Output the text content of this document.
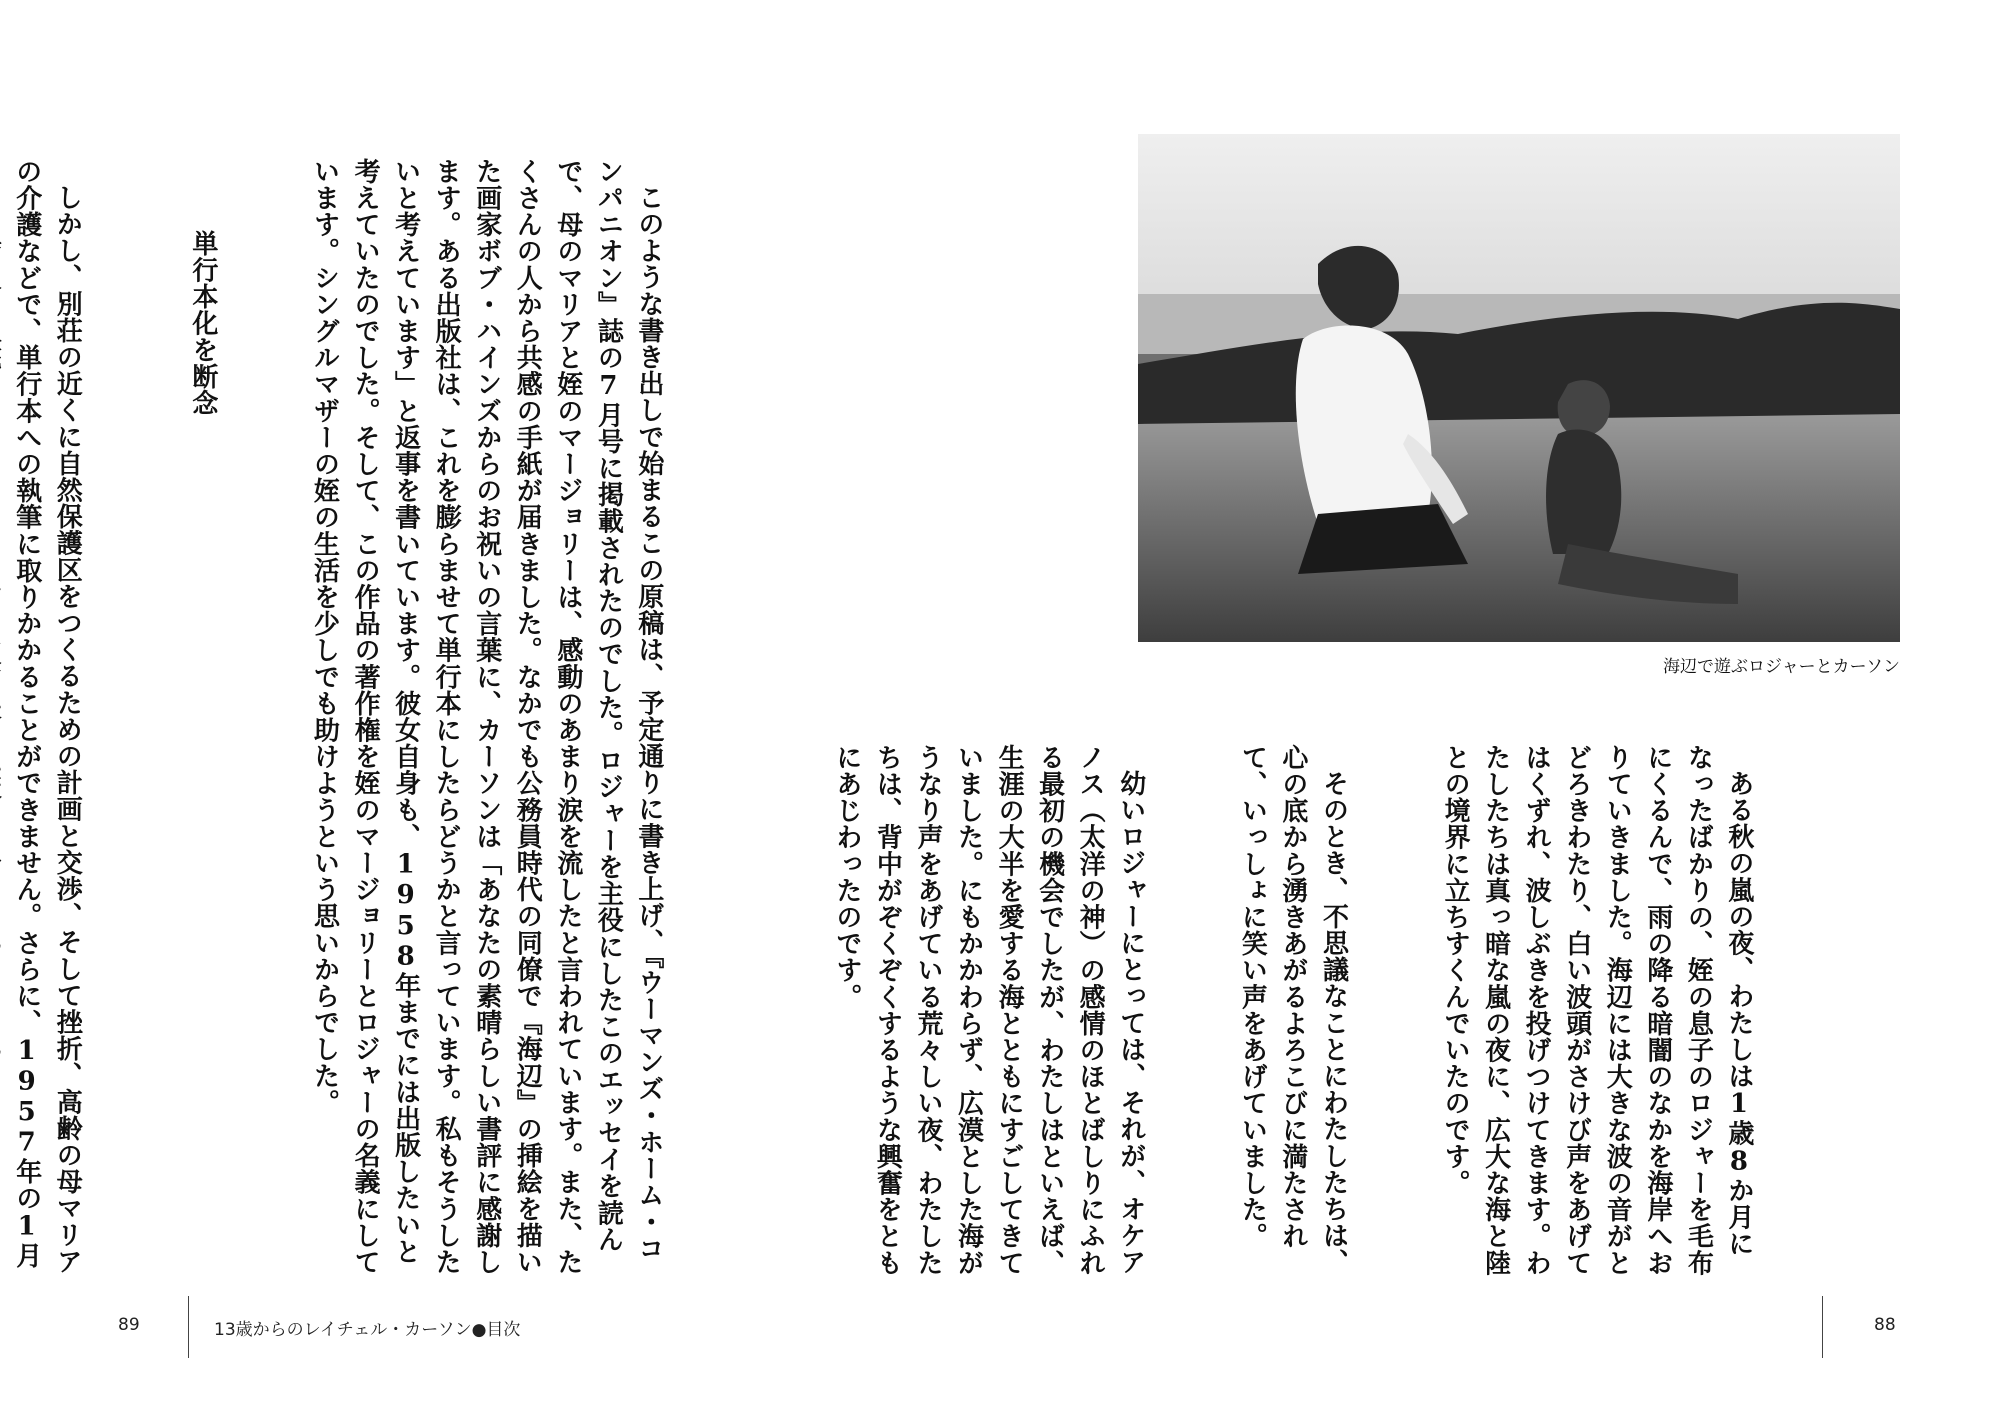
このような書き出しで始まるこの原稿は、予定通りに書き上げ、『ウーマンズ・ホーム・コンパニオン』誌の7月号に掲載されたのでした。ロジャーを主役にしたこのエッセイを読んで、母のマリアと姪のマージョリーは、感動のあまり涙を流したと言われています。また、たくさんの人から共感の手紙が届きました。なかでも公務員時代の同僚で『海辺』の挿絵を描いた画家ボブ・ハインズからのお祝いの言葉に、カーソンは「あなたの素晴らしい書評に感謝します。ある出版社は、これを膨らませて単行本にしたらどうかと言っています。私もそうしたいと考えています」と返事を書いています。彼女自身も、1958年までには出版したいと考えていたのでした。そして、この作品の著作権を姪のマージョリーとロジャーの名義にしています。シングルマザーの姪の生活を少しでも助けようという思いからでした。

単行本化を断念

しかし、別荘の近くに自然保護区をつくるための計画と交渉、そして挫折、高齢の母マリアの介護などで、単行本への執筆に取りかかることができません。さらに、1957年の1月

89	13歳からのレイチェル・カーソン●目次
海辺で遊ぶロジャーとカーソン

ある秋の嵐の夜、わたしは1歳8か月になったばかりの、姪の息子のロジャーを毛布にくるんで、雨の降る暗闇のなかを海岸へおりていきました。海辺には大きな波の音がとどろきわたり、白い波頭がさけび声をあげてはくずれ、波しぶきを投げつけてきます。わたしたちは真っ暗な嵐の夜に、広大な海と陸との境界に立ちすくんでいたのです。

そのとき、不思議なことにわたしたちは、心の底から湧きあがるよろこびに満たされて、いっしょに笑い声をあげていました。

幼いロジャーにとっては、それが、オケアノス（太洋の神）の感情のほとばしりにふれる最初の機会でしたが、わたしはといえば、生涯の大半を愛する海とともにすごしてきていました。にもかかわらず、広漠とした海がうなり声をあげている荒々しい夜、わたしたちは、背中がぞくぞくするような興奮をともにあじわったのです。

88
